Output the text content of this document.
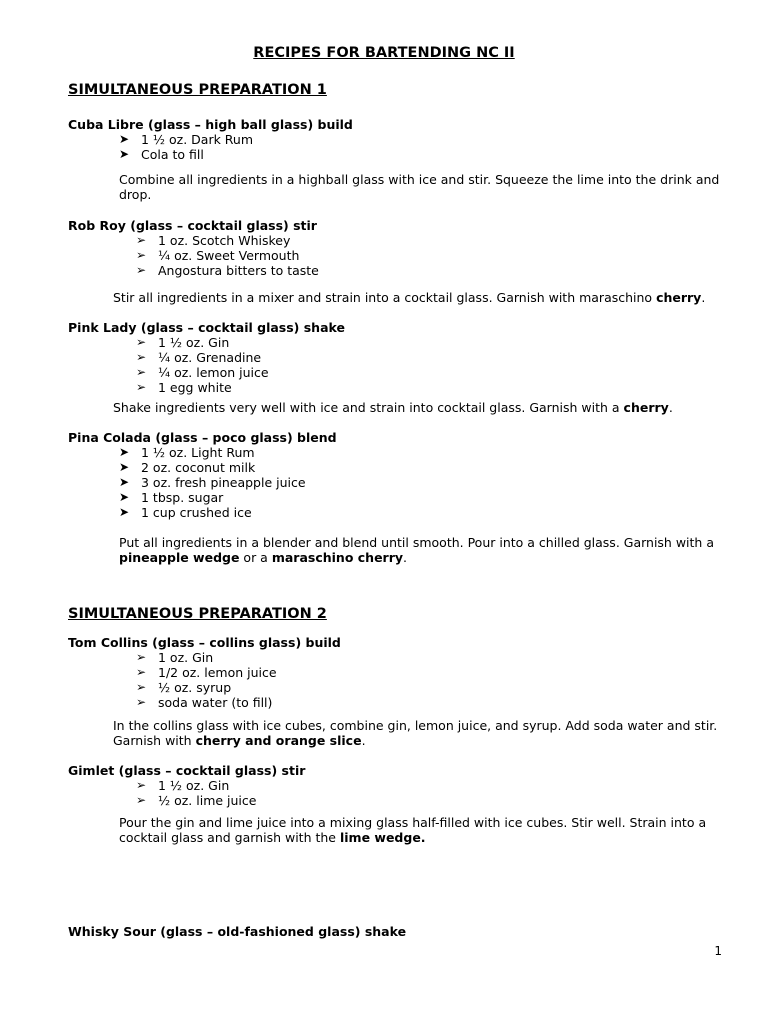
RECIPES FOR BARTENDING NC II
SIMULTANEOUS PREPARATION 1
Cuba Libre (glass – high ball glass) build
➤ 1 ½ oz. Dark Rum
➤ Cola to fill
Combine all ingredients in a highball glass with ice and stir. Squeeze the lime into the drink and drop.
Rob Roy (glass – cocktail glass) stir
➢ 1 oz. Scotch Whiskey
➢ ¼ oz. Sweet Vermouth
➢ Angostura bitters to taste
Stir all ingredients in a mixer and strain into a cocktail glass. Garnish with maraschino cherry.
Pink Lady (glass – cocktail glass) shake
➢ 1 ½ oz. Gin
➢ ¼ oz. Grenadine
➢ ¼ oz. lemon juice
➢ 1 egg white
Shake ingredients very well with ice and strain into cocktail glass. Garnish with a cherry.
Pina Colada (glass – poco glass) blend
➤ 1 ½ oz. Light Rum
➤ 2 oz. coconut milk
➤ 3 oz. fresh pineapple juice
➤ 1 tbsp. sugar
➤ 1 cup crushed ice
Put all ingredients in a blender and blend until smooth. Pour into a chilled glass. Garnish with a pineapple wedge or a maraschino cherry.
SIMULTANEOUS PREPARATION 2
Tom Collins (glass – collins glass) build
➢ 1 oz. Gin
➢ 1/2 oz. lemon juice
➢ ½ oz. syrup
➢ soda water (to fill)
In the collins glass with ice cubes, combine gin, lemon juice, and syrup. Add soda water and stir. Garnish with cherry and orange slice.
Gimlet (glass – cocktail glass) stir
➢ 1 ½ oz. Gin
➢ ½ oz. lime juice
Pour the gin and lime juice into a mixing glass half-filled with ice cubes. Stir well. Strain into a cocktail glass and garnish with the lime wedge.
Whisky Sour (glass – old-fashioned glass) shake
1
